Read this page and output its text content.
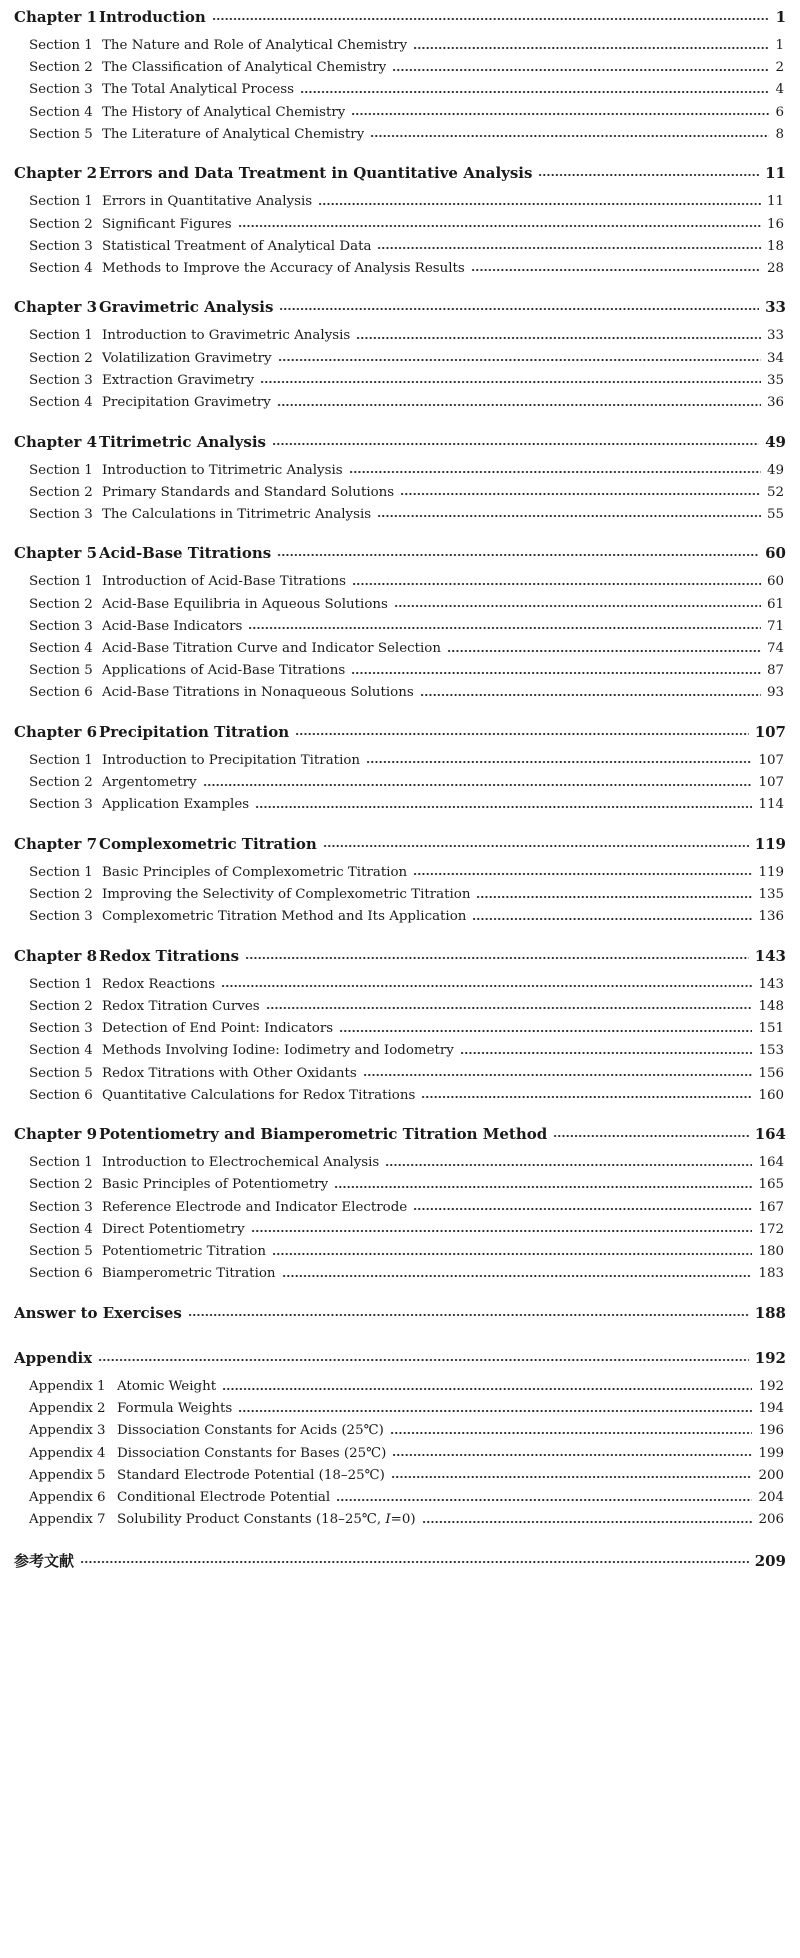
Chapter 1 Introduction	1
Section 1 The Nature and Role of Analytical Chemistry	1
Section 2 The Classification of Analytical Chemistry	2
Section 3 The Total Analytical Process	4
Section 4 The History of Analytical Chemistry	6
Section 5 The Literature of Analytical Chemistry	8
Chapter 2 Errors and Data Treatment in Quantitative Analysis	11
Section 1 Errors in Quantitative Analysis	11
Section 2 Significant Figures	16
Section 3 Statistical Treatment of Analytical Data	18
Section 4 Methods to Improve the Accuracy of Analysis Results	28
Chapter 3 Gravimetric Analysis	33
Section 1 Introduction to Gravimetric Analysis	33
Section 2 Volatilization Gravimetry	34
Section 3 Extraction Gravimetry	35
Section 4 Precipitation Gravimetry	36
Chapter 4 Titrimetric Analysis	49
Section 1 Introduction to Titrimetric Analysis	49
Section 2 Primary Standards and Standard Solutions	52
Section 3 The Calculations in Titrimetric Analysis	55
Chapter 5 Acid-Base Titrations	60
Section 1 Introduction of Acid-Base Titrations	60
Section 2 Acid-Base Equilibria in Aqueous Solutions	61
Section 3 Acid-Base Indicators	71
Section 4 Acid-Base Titration Curve and Indicator Selection	74
Section 5 Applications of Acid-Base Titrations	87
Section 6 Acid-Base Titrations in Nonaqueous Solutions	93
Chapter 6 Precipitation Titration	107
Section 1 Introduction to Precipitation Titration	107
Section 2 Argentometry	107
Section 3 Application Examples	114
Chapter 7 Complexometric Titration	119
Section 1 Basic Principles of Complexometric Titration	119
Section 2 Improving the Selectivity of Complexometric Titration	135
Section 3 Complexometric Titration Method and Its Application	136
Chapter 8 Redox Titrations	143
Section 1 Redox Reactions	143
Section 2 Redox Titration Curves	148
Section 3 Detection of End Point: Indicators	151
Section 4 Methods Involving Iodine: Iodimetry and Iodometry	153
Section 5 Redox Titrations with Other Oxidants	156
Section 6 Quantitative Calculations for Redox Titrations	160
Chapter 9 Potentiometry and Biamperometric Titration Method	164
Section 1 Introduction to Electrochemical Analysis	164
Section 2 Basic Principles of Potentiometry	165
Section 3 Reference Electrode and Indicator Electrode	167
Section 4 Direct Potentiometry	172
Section 5 Potentiometric Titration	180
Section 6 Biamperometric Titration	183
Answer to Exercises	188
Appendix	192
Appendix 1 Atomic Weight	192
Appendix 2 Formula Weights	194
Appendix 3 Dissociation Constants for Acids (25℃)	196
Appendix 4 Dissociation Constants for Bases (25℃)	199
Appendix 5 Standard Electrode Potential (18–25℃)	200
Appendix 6 Conditional Electrode Potential	204
Appendix 7 Solubility Product Constants (18–25℃, I=0)	206
参考文献	209
